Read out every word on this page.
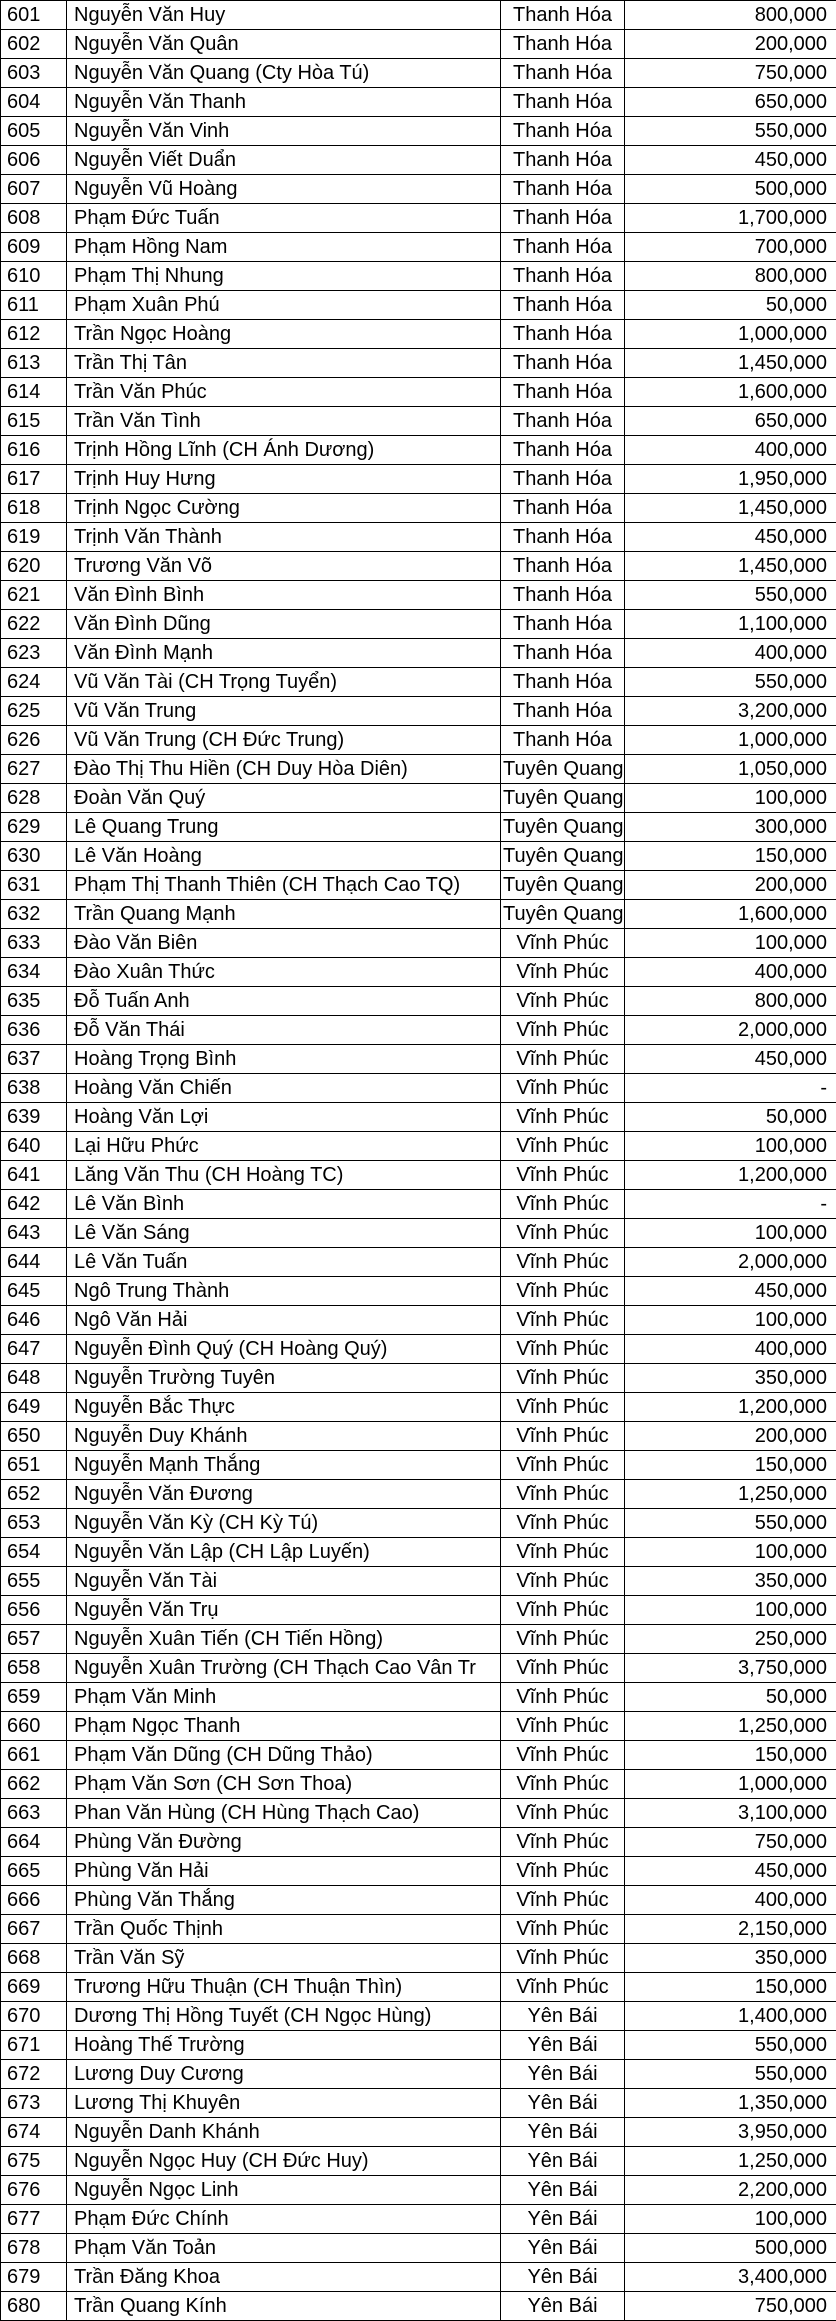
601	Nguyễn Văn Huy	Thanh Hóa	800,000
602	Nguyễn Văn Quân	Thanh Hóa	200,000
603	Nguyễn Văn Quang (Cty Hòa Tú)	Thanh Hóa	750,000
604	Nguyễn Văn Thanh	Thanh Hóa	650,000
605	Nguyễn Văn Vinh	Thanh Hóa	550,000
606	Nguyễn Viết Duẩn	Thanh Hóa	450,000
607	Nguyễn Vũ Hoàng	Thanh Hóa	500,000
608	Phạm Đức Tuấn	Thanh Hóa	1,700,000
609	Phạm Hồng Nam	Thanh Hóa	700,000
610	Phạm Thị Nhung	Thanh Hóa	800,000
611	Phạm Xuân Phú	Thanh Hóa	50,000
612	Trần Ngọc Hoàng	Thanh Hóa	1,000,000
613	Trần Thị Tân	Thanh Hóa	1,450,000
614	Trần Văn Phúc	Thanh Hóa	1,600,000
615	Trần Văn Tình	Thanh Hóa	650,000
616	Trịnh Hồng Lĩnh (CH Ánh Dương)	Thanh Hóa	400,000
617	Trịnh Huy Hưng	Thanh Hóa	1,950,000
618	Trịnh Ngọc Cường	Thanh Hóa	1,450,000
619	Trịnh Văn Thành	Thanh Hóa	450,000
620	Trương Văn Võ	Thanh Hóa	1,450,000
621	Văn Đình Bình	Thanh Hóa	550,000
622	Văn Đình Dũng	Thanh Hóa	1,100,000
623	Văn Đình Mạnh	Thanh Hóa	400,000
624	Vũ Văn Tài (CH Trọng Tuyển)	Thanh Hóa	550,000
625	Vũ Văn Trung	Thanh Hóa	3,200,000
626	Vũ Văn Trung (CH Đức Trung)	Thanh Hóa	1,000,000
627	Đào Thị Thu Hiền (CH Duy Hòa Diên)	Tuyên Quang	1,050,000
628	Đoàn Văn Quý	Tuyên Quang	100,000
629	Lê Quang Trung	Tuyên Quang	300,000
630	Lê Văn Hoàng	Tuyên Quang	150,000
631	Phạm Thị Thanh Thiên (CH Thạch Cao TQ)	Tuyên Quang	200,000
632	Trần Quang Mạnh	Tuyên Quang	1,600,000
633	Đào Văn Biên	Vĩnh Phúc	100,000
634	Đào Xuân Thức	Vĩnh Phúc	400,000
635	Đỗ Tuấn Anh	Vĩnh Phúc	800,000
636	Đỗ Văn Thái	Vĩnh Phúc	2,000,000
637	Hoàng Trọng Bình	Vĩnh Phúc	450,000
638	Hoàng Văn Chiến	Vĩnh Phúc	-
639	Hoàng Văn Lợi	Vĩnh Phúc	50,000
640	Lại Hữu Phức	Vĩnh Phúc	100,000
641	Lăng Văn Thu (CH Hoàng TC)	Vĩnh Phúc	1,200,000
642	Lê Văn Bình	Vĩnh Phúc	-
643	Lê Văn Sáng	Vĩnh Phúc	100,000
644	Lê Văn Tuấn	Vĩnh Phúc	2,000,000
645	Ngô Trung Thành	Vĩnh Phúc	450,000
646	Ngô Văn Hải	Vĩnh Phúc	100,000
647	Nguyễn Đình Quý (CH Hoàng Quý)	Vĩnh Phúc	400,000
648	Nguyễn Trường Tuyên	Vĩnh Phúc	350,000
649	Nguyễn Bắc Thực	Vĩnh Phúc	1,200,000
650	Nguyễn Duy Khánh	Vĩnh Phúc	200,000
651	Nguyễn Mạnh Thắng	Vĩnh Phúc	150,000
652	Nguyễn Văn Đương	Vĩnh Phúc	1,250,000
653	Nguyễn Văn Kỳ (CH Kỳ Tú)	Vĩnh Phúc	550,000
654	Nguyễn Văn Lập (CH Lập Luyến)	Vĩnh Phúc	100,000
655	Nguyễn Văn Tài	Vĩnh Phúc	350,000
656	Nguyễn Văn Trụ	Vĩnh Phúc	100,000
657	Nguyễn Xuân Tiến (CH Tiến Hồng)	Vĩnh Phúc	250,000
658	Nguyễn Xuân Trường (CH Thạch Cao Vân Tr	Vĩnh Phúc	3,750,000
659	Phạm Văn Minh	Vĩnh Phúc	50,000
660	Phạm Ngọc Thanh	Vĩnh Phúc	1,250,000
661	Phạm Văn Dũng (CH Dũng Thảo)	Vĩnh Phúc	150,000
662	Phạm Văn Sơn (CH Sơn Thoa)	Vĩnh Phúc	1,000,000
663	Phan Văn Hùng (CH Hùng Thạch Cao)	Vĩnh Phúc	3,100,000
664	Phùng Văn Đường	Vĩnh Phúc	750,000
665	Phùng Văn Hải	Vĩnh Phúc	450,000
666	Phùng Văn Thắng	Vĩnh Phúc	400,000
667	Trần Quốc Thịnh	Vĩnh Phúc	2,150,000
668	Trần Văn Sỹ	Vĩnh Phúc	350,000
669	Trương Hữu Thuận (CH Thuận Thìn)	Vĩnh Phúc	150,000
670	Dương Thị Hồng Tuyết (CH Ngọc Hùng)	Yên Bái	1,400,000
671	Hoàng Thế Trường	Yên Bái	550,000
672	Lương Duy Cương	Yên Bái	550,000
673	Lương Thị Khuyên	Yên Bái	1,350,000
674	Nguyễn Danh Khánh	Yên Bái	3,950,000
675	Nguyễn Ngọc Huy (CH Đức Huy)	Yên Bái	1,250,000
676	Nguyễn Ngọc Linh	Yên Bái	2,200,000
677	Phạm Đức Chính	Yên Bái	100,000
678	Phạm Văn Toản	Yên Bái	500,000
679	Trần Đăng Khoa	Yên Bái	3,400,000
680	Trần Quang Kính	Yên Bái	750,000
